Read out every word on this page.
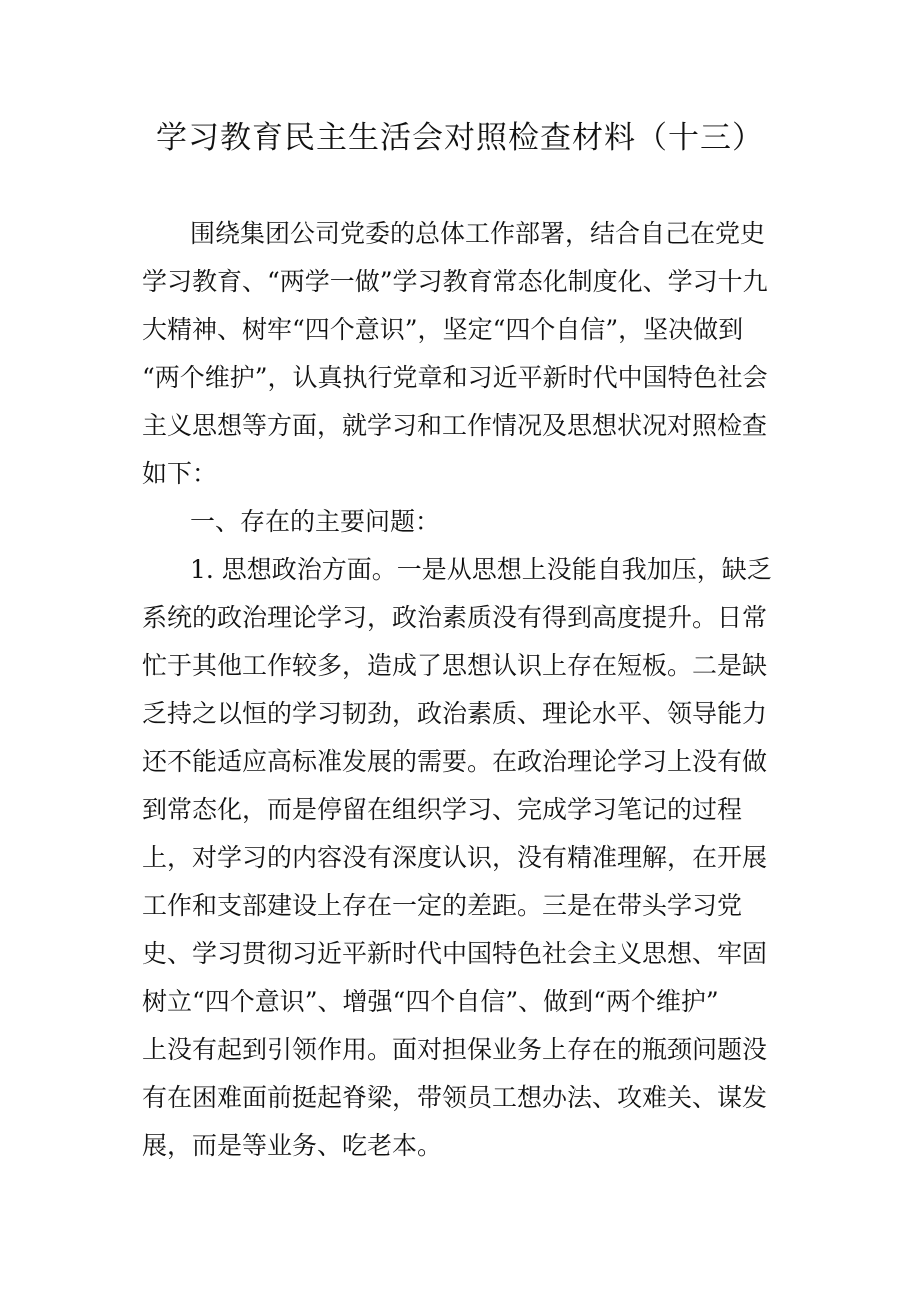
学习教育民主生活会对照检查材料（十三）
围绕集团公司党委的总体工作部署，结合自己在党史
学习教育、“两学一做”学习教育常态化制度化、学习十九
大精神、树牢“四个意识”，坚定“四个自信”，坚决做到
“两个维护”，认真执行党章和习近平新时代中国特色社会
主义思想等方面，就学习和工作情况及思想状况对照检查
如下：
一、存在的主要问题：
1. 思想政治方面。一是从思想上没能自我加压，缺乏
系统的政治理论学习，政治素质没有得到高度提升。日常
忙于其他工作较多，造成了思想认识上存在短板。二是缺
乏持之以恒的学习韧劲，政治素质、理论水平、领导能力
还不能适应高标准发展的需要。在政治理论学习上没有做
到常态化，而是停留在组织学习、完成学习笔记的过程
上，对学习的内容没有深度认识，没有精准理解，在开展
工作和支部建设上存在一定的差距。三是在带头学习党
史、学习贯彻习近平新时代中国特色社会主义思想、牢固
树立“四个意识”、增强“四个自信”、做到“两个维护”
上没有起到引领作用。面对担保业务上存在的瓶颈问题没
有在困难面前挺起脊梁，带领员工想办法、攻难关、谋发
展，而是等业务、吃老本。
